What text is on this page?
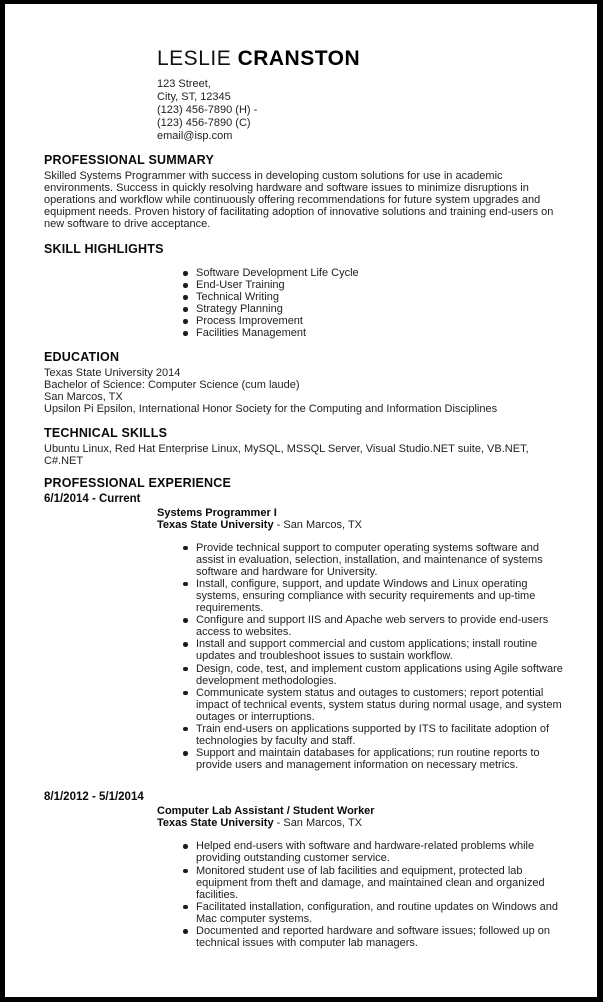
LESLIE CRANSTON
123 Street,
City, ST, 12345
(123) 456-7890 (H) -
(123) 456-7890 (C)
email@isp.com
PROFESSIONAL SUMMARY

Skilled Systems Programmer with success in developing custom solutions for use in academic environments. Success in quickly resolving hardware and software issues to minimize disruptions in operations and workflow while continuously offering recommendations for future system upgrades and equipment needs. Proven history of facilitating adoption of innovative solutions and training end-users on new software to drive acceptance.

SKILL HIGHLIGHTS
Software Development Life Cycle
End-User Training
Technical Writing
Strategy Planning
Process Improvement
Facilities Management
EDUCATION
Texas State University 2014
Bachelor of Science: Computer Science (cum laude)
San Marcos, TX
Upsilon Pi Epsilon, International Honor Society for the Computing and Information Disciplines
TECHNICAL SKILLS

Ubuntu Linux, Red Hat Enterprise Linux, MySQL, MSSQL Server, Visual Studio.NET suite, VB.NET, C#.NET

PROFESSIONAL EXPERIENCE
6/1/2014 - Current
Systems Programmer I
Texas State University - San Marcos, TX
Provide technical support to computer operating systems software and assist in evaluation, selection, installation, and maintenance of systems software and hardware for University.
Install, configure, support, and update Windows and Linux operating systems, ensuring compliance with security requirements and up-time requirements.
Configure and support IIS and Apache web servers to provide end-users access to websites.
Install and support commercial and custom applications; install routine updates and troubleshoot issues to sustain workflow.
Design, code, test, and implement custom applications using Agile software development methodologies.
Communicate system status and outages to customers; report potential impact of technical events, system status during normal usage, and system outages or interruptions.
Train end-users on applications supported by ITS to facilitate adoption of technologies by faculty and staff.
Support and maintain databases for applications; run routine reports to provide users and management information on necessary metrics.
8/1/2012 - 5/1/2014
Computer Lab Assistant / Student Worker
Texas State University - San Marcos, TX
Helped end-users with software and hardware-related problems while providing outstanding customer service.
Monitored student use of lab facilities and equipment, protected lab equipment from theft and damage, and maintained clean and organized facilities.
Facilitated installation, configuration, and routine updates on Windows and Mac computer systems.
Documented and reported hardware and software issues; followed up on technical issues with computer lab managers.
